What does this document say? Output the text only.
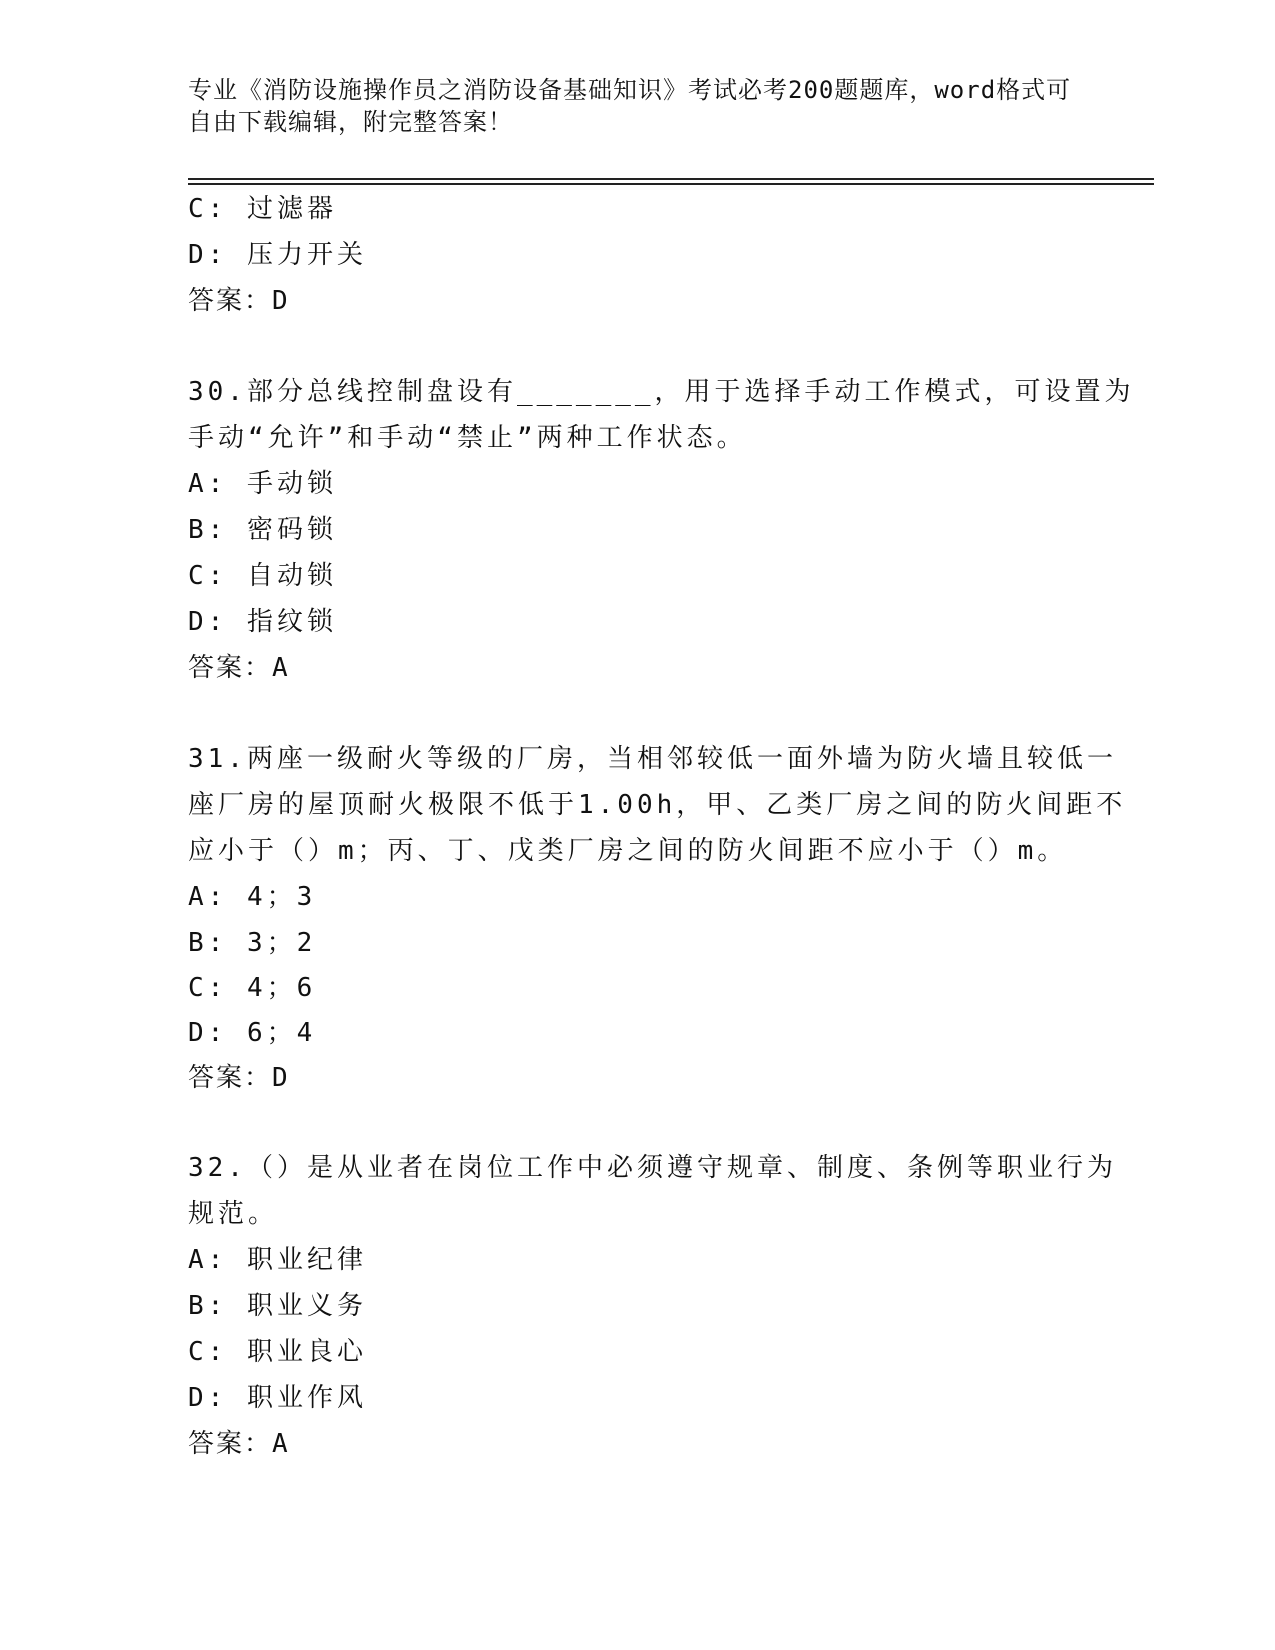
专业《消防设施操作员之消防设备基础知识》考试必考200题题库，word格式可
自由下载编辑，附完整答案！
C: 过滤器
D: 压力开关
答案：D
30.部分总线控制盘设有_______，用于选择手动工作模式，可设置为
手动“允许”和手动“禁止”两种工作状态。
A: 手动锁
B: 密码锁
C: 自动锁
D: 指纹锁
答案：A
31.两座一级耐火等级的厂房，当相邻较低一面外墙为防火墙且较低一
座厂房的屋顶耐火极限不低于1.00h，甲、乙类厂房之间的防火间距不
应小于（）m；丙、丁、戊类厂房之间的防火间距不应小于（）m。
A: 4；3
B: 3；2
C: 4；6
D: 6；4
答案：D
32.（）是从业者在岗位工作中必须遵守规章、制度、条例等职业行为
规范。
A: 职业纪律
B: 职业义务
C: 职业良心
D: 职业作风
答案：A
